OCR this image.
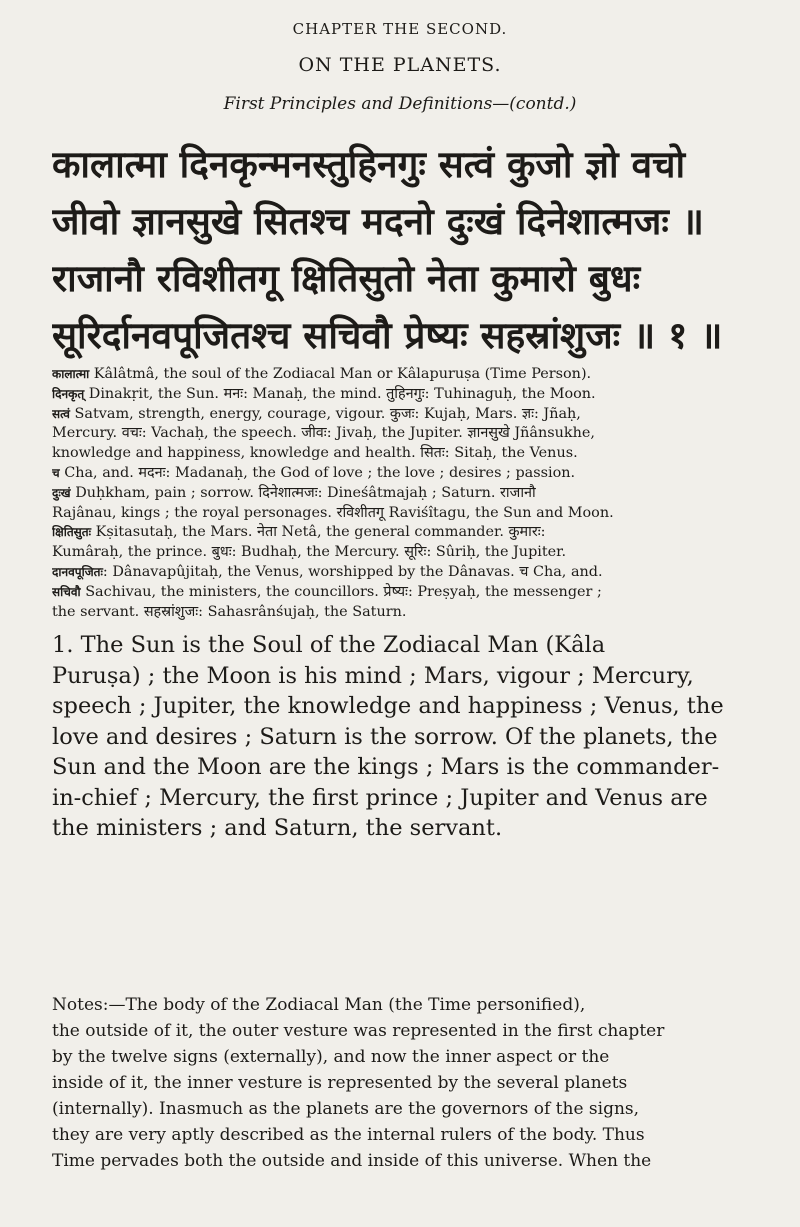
CHAPTER THE SECOND.
ON THE PLANETS.
First Principles and Definitions—(contd.)
कालात्मा दिनकृन्मनस्तुहिनगुः सत्वं कुजो ज्ञो वचो
जीवो ज्ञानसुखे सितश्च मदनो दुःखं दिनेशात्मजः ॥
राजानौ रविशीतगू क्षितिसुतो नेता कुमारो बुधः
सूरिर्दानवपूजितश्च सचिवौ प्रेष्यः सहस्रांशुजः ॥ १ ॥
कालात्मा Kâlâtmâ, the soul of the Zodiacal Man or Kâlapuruṣa (Time Person).
दिनकृत् Dinakṛit, the Sun. मनः: Manaḥ, the mind. तुहिनगुः: Tuhinaguḥ, the Moon.
सत्वं Satvam, strength, energy, courage, vigour. कुजः: Kujaḥ, Mars. ज्ञः: Jñaḥ,
Mercury. वचः: Vachaḥ, the speech. जीवः: Jivaḥ, the Jupiter. ज्ञानसुखे Jñânsukhe,
knowledge and happiness, knowledge and health. सितः: Sitaḥ, the Venus.
च Cha, and. मदनः: Madanaḥ, the God of love ; the love ; desires ; passion.
दुःखं Duḥkham, pain ; sorrow. दिनेशात्मजः: Dineśâtmajaḥ ; Saturn. राजानौ
Rajânau, kings ; the royal personages. रविशीतगू Raviśîtagu, the Sun and Moon.
क्षितिसुतः Kṣitasutaḥ, the Mars. नेता Netâ, the general commander. कुमारः:
Kumâraḥ, the prince. बुधः: Budhaḥ, the Mercury. सूरिः: Sûriḥ, the Jupiter.
दानवपूजितः: Dânavapûjitaḥ, the Venus, worshipped by the Dânavas. च Cha, and.
सचिवौ Sachivau, the ministers, the councillors. प्रेष्यः: Preṣyaḥ, the messenger ;
the servant. सहस्रांशुजः: Sahasrânśujaḥ, the Saturn.
1. The Sun is the Soul of the Zodiacal Man (Kâla
Puruṣa) ; the Moon is his mind ; Mars, vigour ; Mercury,
speech ; Jupiter, the knowledge and happiness ; Venus, the
love and desires ; Saturn is the sorrow. Of the planets, the
Sun and the Moon are the kings ; Mars is the commander-
in-chief ; Mercury, the first prince ; Jupiter and Venus are
the ministers ; and Saturn, the servant.
Notes:—The body of the Zodiacal Man (the Time personified),
the outside of it, the outer vesture was represented in the first chapter
by the twelve signs (externally), and now the inner aspect or the
inside of it, the inner vesture is represented by the several planets
(internally). Inasmuch as the planets are the governors of the signs,
they are very aptly described as the internal rulers of the body. Thus
Time pervades both the outside and inside of this universe. When the
